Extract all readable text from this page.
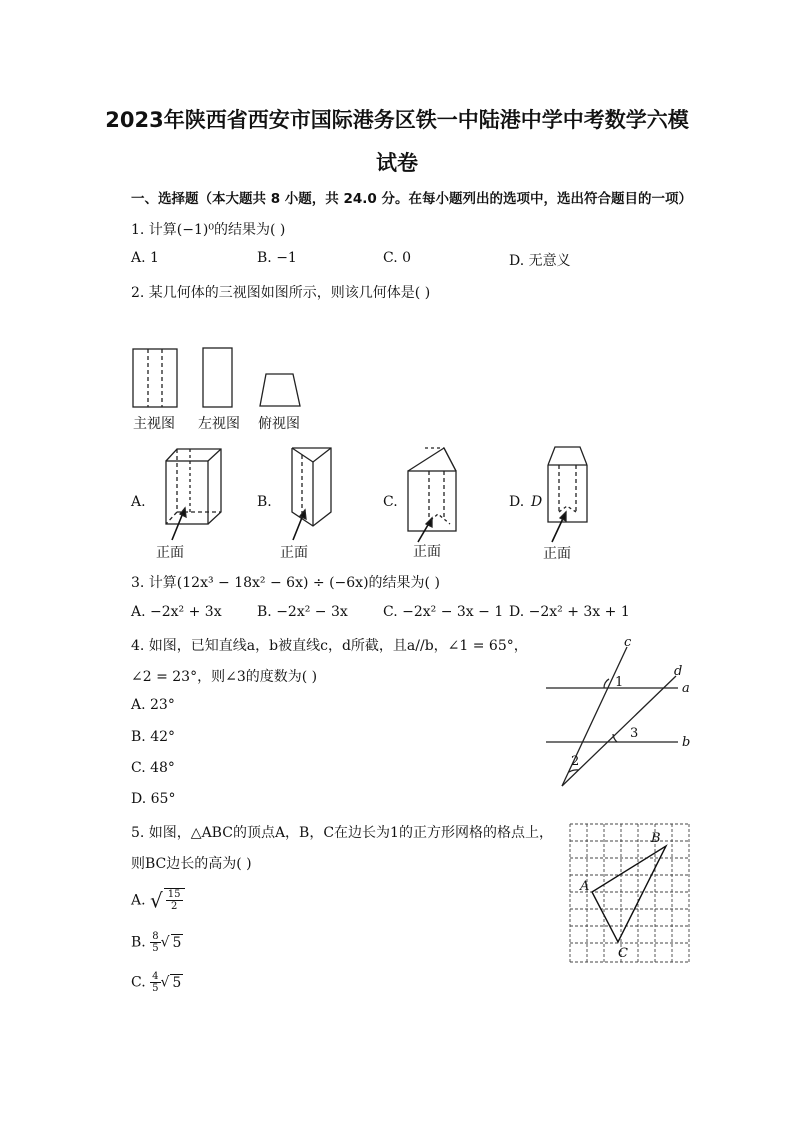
2023年陕西省西安市国际港务区铁一中陆港中学中考数学六模
试卷
一、选择题（本大题共 8 小题，共 24.0 分。在每小题列出的选项中，选出符合题目的一项）
1. 计算(−1)⁰的结果为( )
A. 1	B. −1	C. 0	D. 无意义
2. 某几何体的三视图如图所示，则该几何体是( )
主视图 左视图 俯视图
A.	B.	C.	D. D
正面	正面	正面	正面
3. 计算(12x³ − 18x² − 6x) ÷ (−6x)的结果为( )
A. −2x² + 3x	B. −2x² − 3x	C. −2x² − 3x − 1 D. −2x² + 3x + 1
4. 如图，已知直线a，b被直线c，d所截，且a//b，∠1 = 65°，
∠2 = 23°，则∠3的度数为( )
A. 23°
B. 42°
C. 48°
D. 65°
c
d
a
b
1
3
2
5. 如图，△ABC的顶点A，B，C在边长为1的正方形网格的格点上，
则BC边长的高为( )
A. √ $\frac{15}{2}$
B. $\frac{8}{5}$ √ 5
C. $\frac{4}{5}$ √ 5
A
B
C
